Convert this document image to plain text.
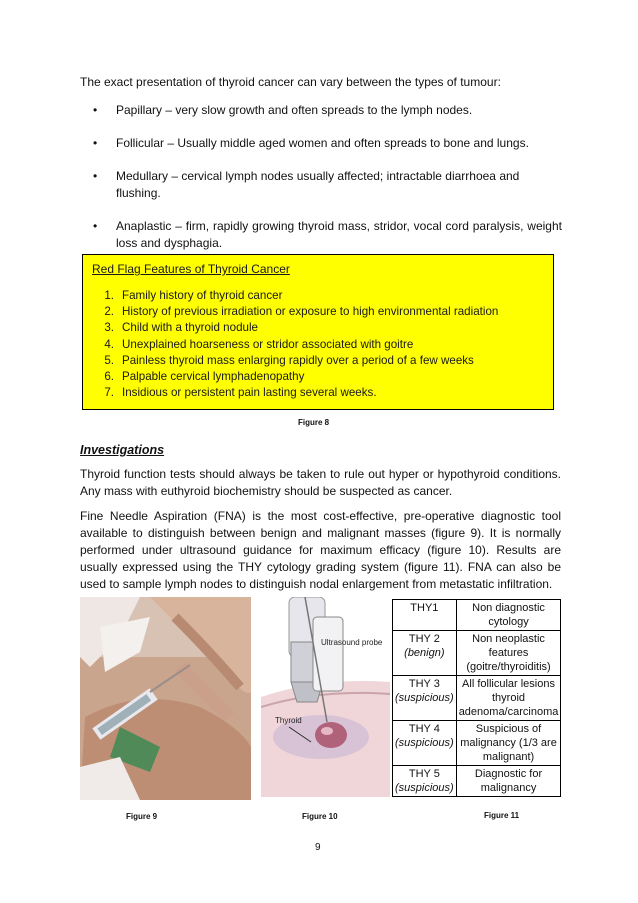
The exact presentation of thyroid cancer can vary between the types of tumour:
• Papillary – very slow growth and often spreads to the lymph nodes.
• Follicular – Usually middle aged women and often spreads to bone and lungs.
• Medullary – cervical lymph nodes usually affected; intractable diarrhoea and flushing.
• Anaplastic – firm, rapidly growing thyroid mass, stridor, vocal cord paralysis, weight loss and dysphagia.
Red Flag Features of Thyroid Cancer
1. Family history of thyroid cancer
2. History of previous irradiation or exposure to high environmental radiation
3. Child with a thyroid nodule
4. Unexplained hoarseness or stridor associated with goitre
5. Painless thyroid mass enlarging rapidly over a period of a few weeks
6. Palpable cervical lymphadenopathy
7. Insidious or persistent pain lasting several weeks.
Figure 8
Investigations
Thyroid function tests should always be taken to rule out hyper or hypothyroid conditions. Any mass with euthyroid biochemistry should be suspected as cancer.
Fine Needle Aspiration (FNA) is the most cost-effective, pre-operative diagnostic tool available to distinguish between benign and malignant masses (figure 9). It is normally performed under ultrasound guidance for maximum efficacy (figure 10). Results are usually expressed using the THY cytology grading system (figure 11). FNA can also be used to sample lymph nodes to distinguish nodal enlargement from metastatic infiltration.
Figure 9
Ultrasound probe
Thyroid
Figure 10
THY1	Non diagnostic cytology
THY 2
(benign)	Non neoplastic features (goitre/thyroiditis)
THY 3
(suspicious)	All follicular lesions thyroid adenoma/carcinoma
THY 4
(suspicious)	Suspicious of malignancy (1/3 are malignant)
THY 5
(suspicious)	Diagnostic for malignancy
Figure 11
9
